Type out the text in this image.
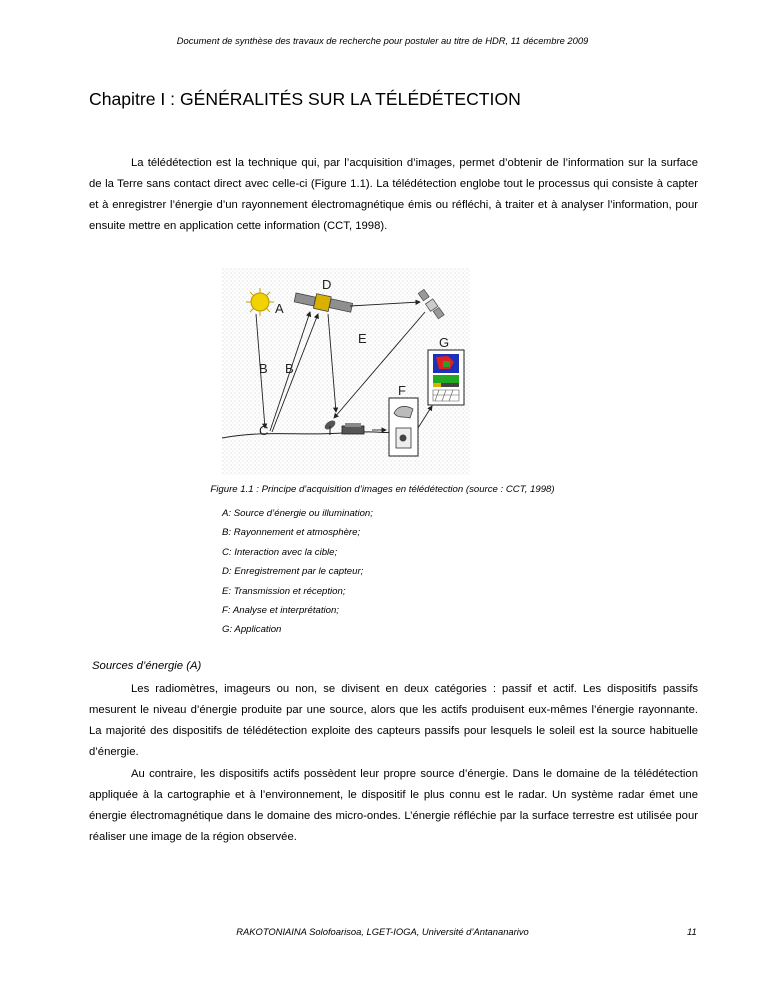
Document de synthèse des travaux de recherche pour postuler au titre de HDR, 11 décembre 2009
Chapitre I : GÉNÉRALITÉS SUR LA TÉLÉDÉTECTION

La télédétection est la technique qui, par l’acquisition d’images, permet d’obtenir de l’information sur la surface de la Terre sans contact direct avec celle-ci (Figure 1.1). La télédétection englobe tout le processus qui consiste à capter et à enregistrer l’énergie d’un rayonnement électromagnétique émis ou réfléchi, à traiter et à analyser l’information, pour ensuite mettre en application cette information (CCT, 1998).

A
B B
C
D
E
F
G
Figure 1.1 : Principe d’acquisition d’images en télédétection (source : CCT, 1998)
A: Source d’énergie ou illumination;
B: Rayonnement et atmosphère;
C: Interaction avec la cible;
D: Enregistrement par le capteur;
E: Transmission et réception;
F: Analyse et interprétation;
G: Application
Sources d’énergie (A)

Les radiomètres, imageurs ou non, se divisent en deux catégories : passif et actif. Les dispositifs passifs mesurent le niveau d’énergie produite par une source, alors que les actifs produisent eux-mêmes l’énergie rayonnante. La majorité des dispositifs de télédétection exploite des capteurs passifs pour lesquels le soleil est la source habituelle d’énergie.

Au contraire, les dispositifs actifs possèdent leur propre source d’énergie. Dans le domaine de la télédétection appliquée à la cartographie et à l’environnement, le dispositif le plus connu est le radar. Un système radar émet une énergie électromagnétique dans le domaine des micro-ondes. L’énergie réfléchie par la surface terrestre est utilisée pour réaliser une image de la région observée.

RAKOTONIAINA Solofoarisoa, LGET-IOGA, Université d’Antananarivo	11
